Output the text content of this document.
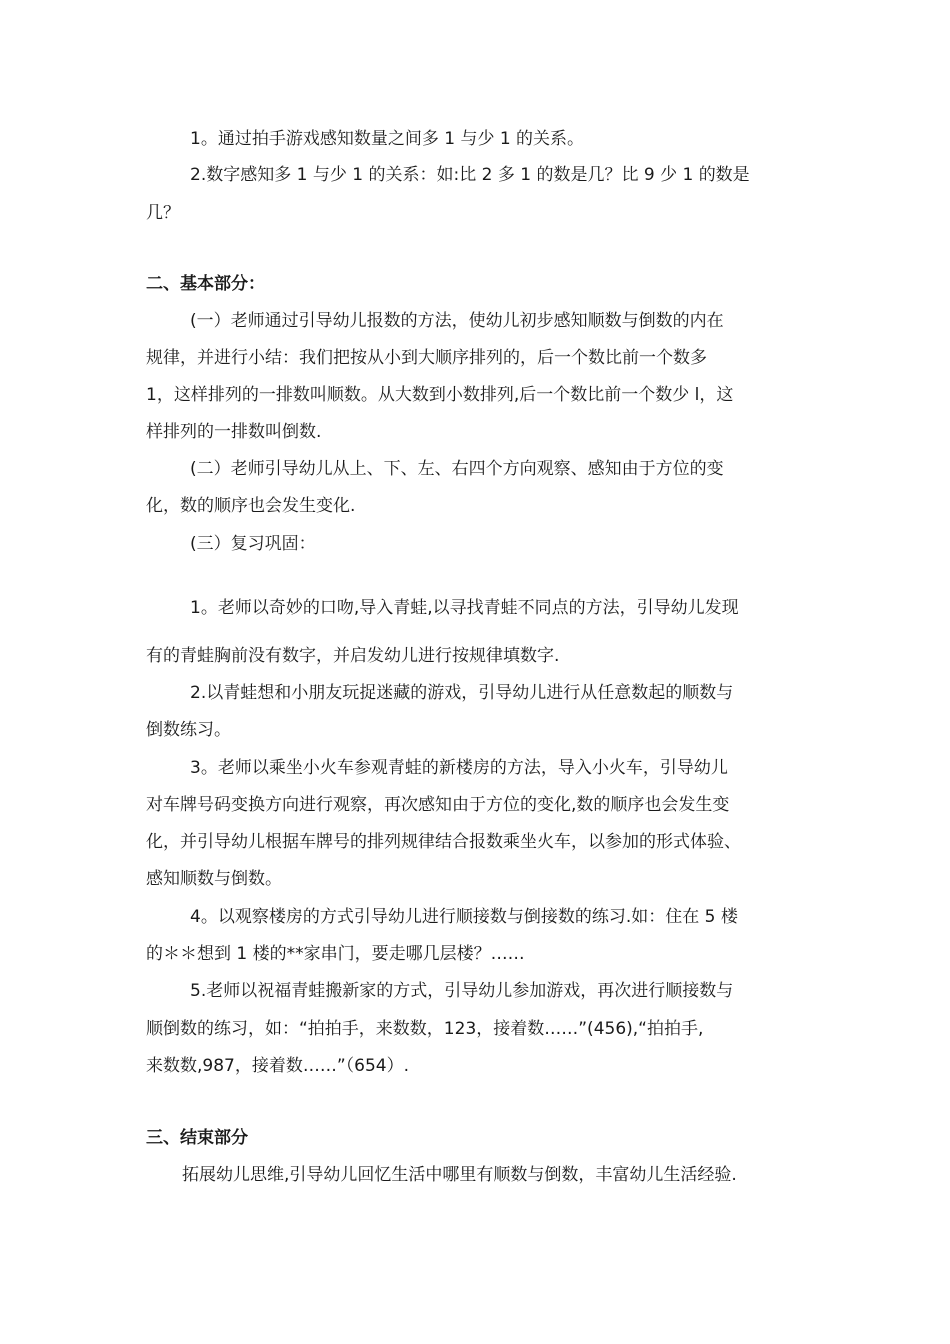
1。通过拍手游戏感知数量之间多 1 与少 1 的关系。
2.数字感知多 1 与少 1 的关系：如:比 2 多 1 的数是几？比 9 少 1 的数是
几？
二、基本部分：
(一）老师通过引导幼儿报数的方法，使幼儿初步感知顺数与倒数的内在
规律，并进行小结：我们把按从小到大顺序排列的，后一个数比前一个数多
1，这样排列的一排数叫顺数。从大数到小数排列,后一个数比前一个数少 l，这
样排列的一排数叫倒数.
(二）老师引导幼儿从上、下、左、右四个方向观察、感知由于方位的变
化，数的顺序也会发生变化.
(三）复习巩固：
1。老师以奇妙的口吻,导入青蛙,以寻找青蛙不同点的方法，引导幼儿发现
有的青蛙胸前没有数字，并启发幼儿进行按规律填数字.
2.以青蛙想和小朋友玩捉迷藏的游戏，引导幼儿进行从任意数起的顺数与
倒数练习。
3。老师以乘坐小火车参观青蛙的新楼房的方法，导入小火车，引导幼儿
对车牌号码变换方向进行观察，再次感知由于方位的变化,数的顺序也会发生变
化，并引导幼儿根据车牌号的排列规律结合报数乘坐火车，以参加的形式体验、
感知顺数与倒数。
4。以观察楼房的方式引导幼儿进行顺接数与倒接数的练习.如：住在 5 楼
的＊＊想到 1 楼的**家串门，要走哪几层楼？……
5.老师以祝福青蛙搬新家的方式，引导幼儿参加游戏，再次进行顺接数与
顺倒数的练习，如：“拍拍手，来数数，123，接着数……”(456),“拍拍手,
来数数,987，接着数……”（654）.
三、结束部分
拓展幼儿思维,引导幼儿回忆生活中哪里有顺数与倒数，丰富幼儿生活经验.
